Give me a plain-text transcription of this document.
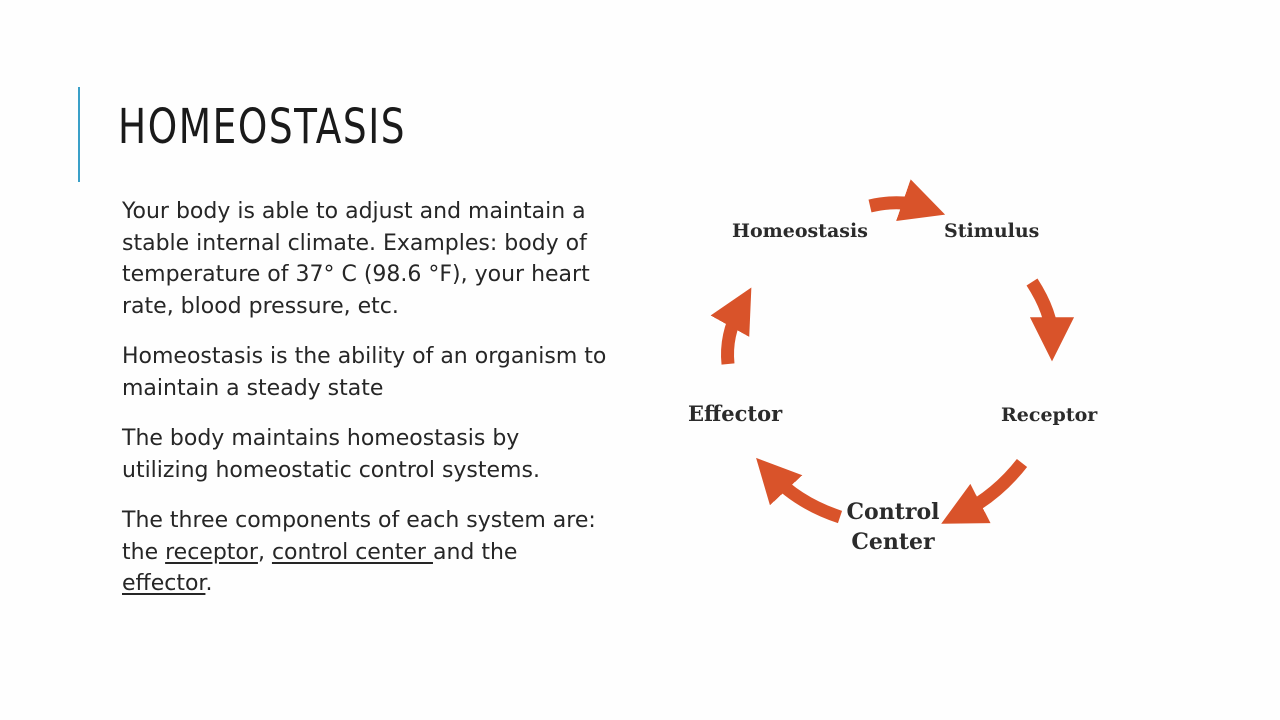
HOMEOSTASIS

Your body is able to adjust and maintain a stable internal climate. Examples: body of temperature of 37° C (98.6 °F), your heart rate, blood pressure, etc.

Homeostasis is the ability of an organism to maintain a steady state

The body maintains homeostasis by utilizing homeostatic control systems.

The three components of each system are: the receptor, control center and the effector.

Homeostasis	Stimulus
Receptor
Effector
Control
Center
